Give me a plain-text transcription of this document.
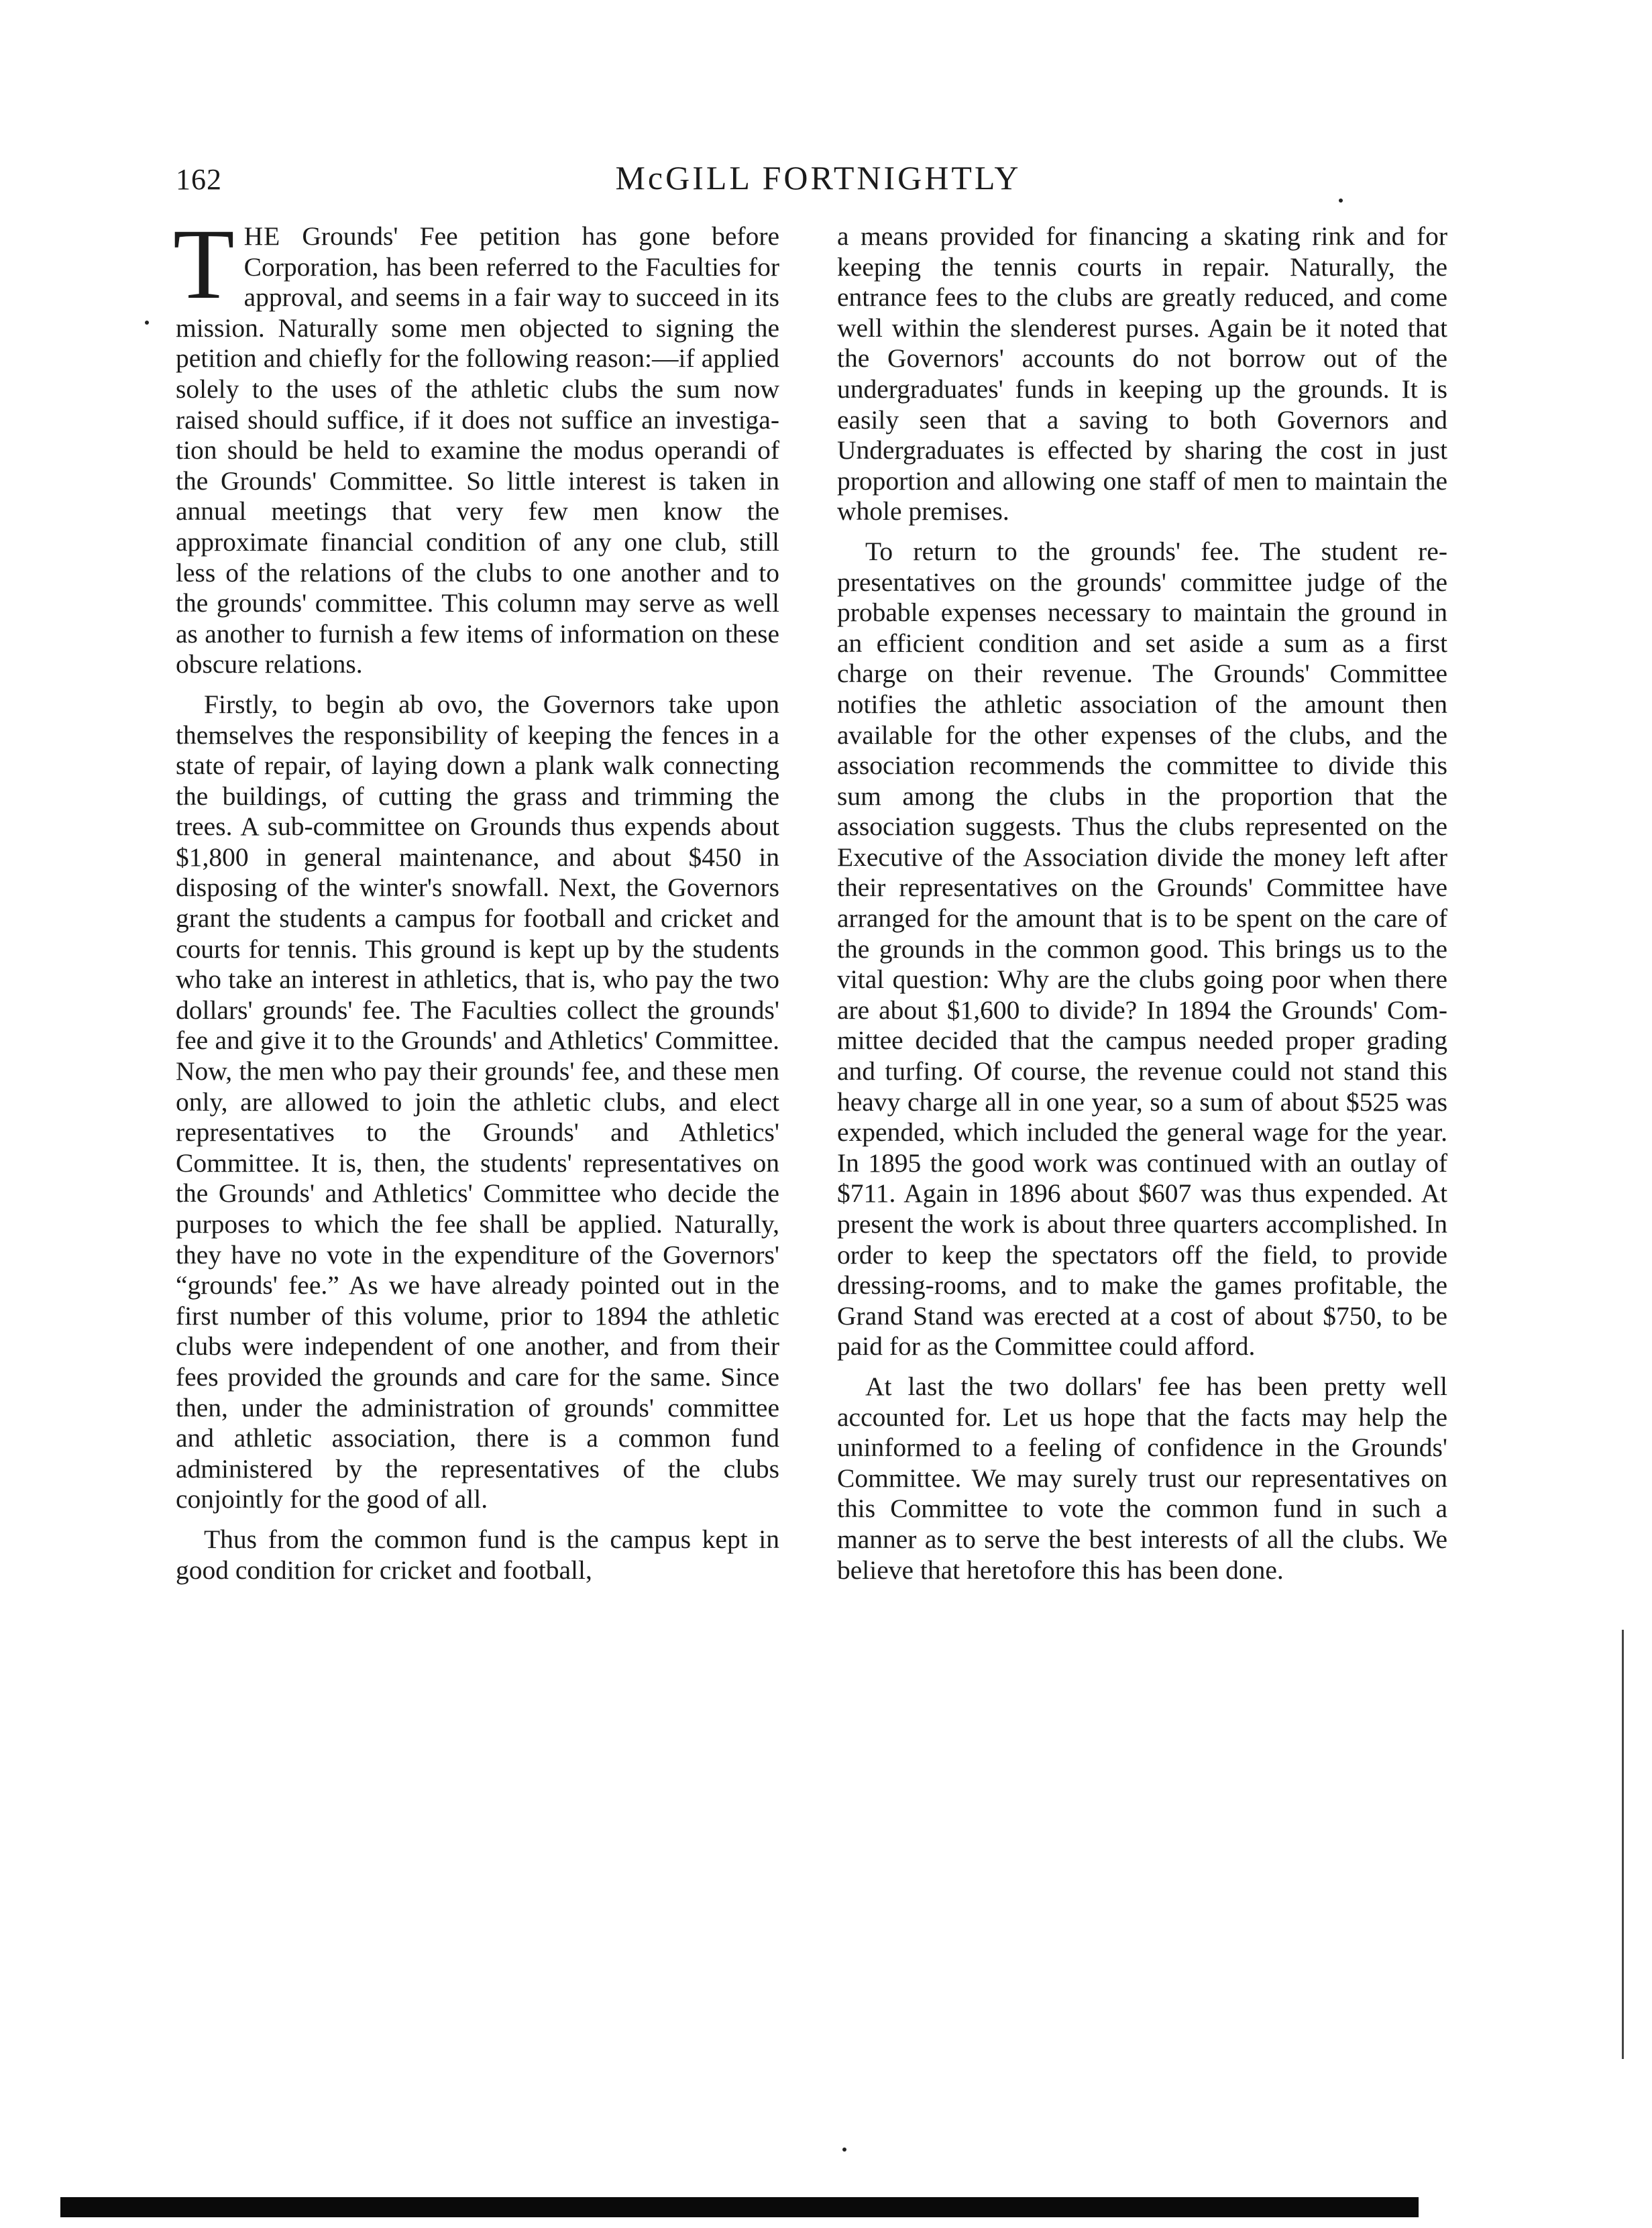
162	McGILL FORTNIGHTLY

THE Grounds' Fee petition has gone before Corporation, has been referred to the Faculties for approval, and seems in a fair way to succeed in its mission. Naturally some men objected to signing the petition and chiefly for the following reason:—if applied solely to the uses of the athletic clubs the sum now raised should suffice, if it does not suffice an investigation should be held to examine the modus operandi of the Grounds' Committee. So little interest is taken in annual meetings that very few men know the approximate financial condition of any one club, still less of the relations of the clubs to one another and to the grounds' committee. This column may serve as well as another to furnish a few items of information on these obscure relations.

Firstly, to begin ab ovo, the Governors take upon themselves the responsibility of keeping the fences in a state of repair, of laying down a plank walk connecting the buildings, of cutting the grass and trimming the trees. A sub-committee on Grounds thus expends about $1,800 in general maintenance, and about $450 in disposing of the winter's snowfall. Next, the Governors grant the students a campus for football and cricket and courts for tennis. This ground is kept up by the students who take an interest in athletics, that is, who pay the two dollars' grounds' fee. The Faculties collect the grounds' fee and give it to the Grounds' and Athletics' Committee. Now, the men who pay their grounds' fee, and these men only, are allowed to join the athletic clubs, and elect representatives to the Grounds' and Athletics' Committee. It is, then, the students' representatives on the Grounds' and Athletics' Committee who decide the purposes to which the fee shall be applied. Naturally, they have no vote in the expenditure of the Governors' “grounds' fee.” As we have already pointed out in the first number of this volume, prior to 1894 the athletic clubs were independent of one another, and from their fees provided the grounds and care for the same. Since then, under the administration of grounds' committee and athletic association, there is a common fund administered by the representatives of the clubs conjointly for the good of all.

Thus from the common fund is the campus kept in good condition for cricket and football,

a means provided for financing a skating rink and for keeping the tennis courts in repair. Naturally, the entrance fees to the clubs are greatly reduced, and come well within the slenderest purses. Again be it noted that the Governors' accounts do not borrow out of the undergraduates' funds in keeping up the grounds. It is easily seen that a saving to both Governors and Undergraduates is effected by sharing the cost in just proportion and allowing one staff of men to maintain the whole premises.

To return to the grounds' fee. The student representatives on the grounds' committee judge of the probable expenses necessary to maintain the ground in an efficient condition and set aside a sum as a first charge on their revenue. The Grounds' Committee notifies the athletic association of the amount then available for the other expenses of the clubs, and the association recommends the committee to divide this sum among the clubs in the proportion that the association suggests. Thus the clubs represented on the Executive of the Association divide the money left after their representatives on the Grounds' Committee have arranged for the amount that is to be spent on the care of the grounds in the common good. This brings us to the vital question: Why are the clubs going poor when there are about $1,600 to divide? In 1894 the Grounds' Committee decided that the campus needed proper grading and turfing. Of course, the revenue could not stand this heavy charge all in one year, so a sum of about $525 was expended, which included the general wage for the year. In 1895 the good work was continued with an outlay of $711. Again in 1896 about $607 was thus expended. At present the work is about three quarters accomplished. In order to keep the spectators off the field, to provide dressing-rooms, and to make the games profitable, the Grand Stand was erected at a cost of about $750, to be paid for as the Committee could afford.

At last the two dollars' fee has been pretty well accounted for. Let us hope that the facts may help the uninformed to a feeling of confidence in the Grounds' Committee. We may surely trust our representatives on this Committee to vote the common fund in such a manner as to serve the best interests of all the clubs. We believe that heretofore this has been done.
